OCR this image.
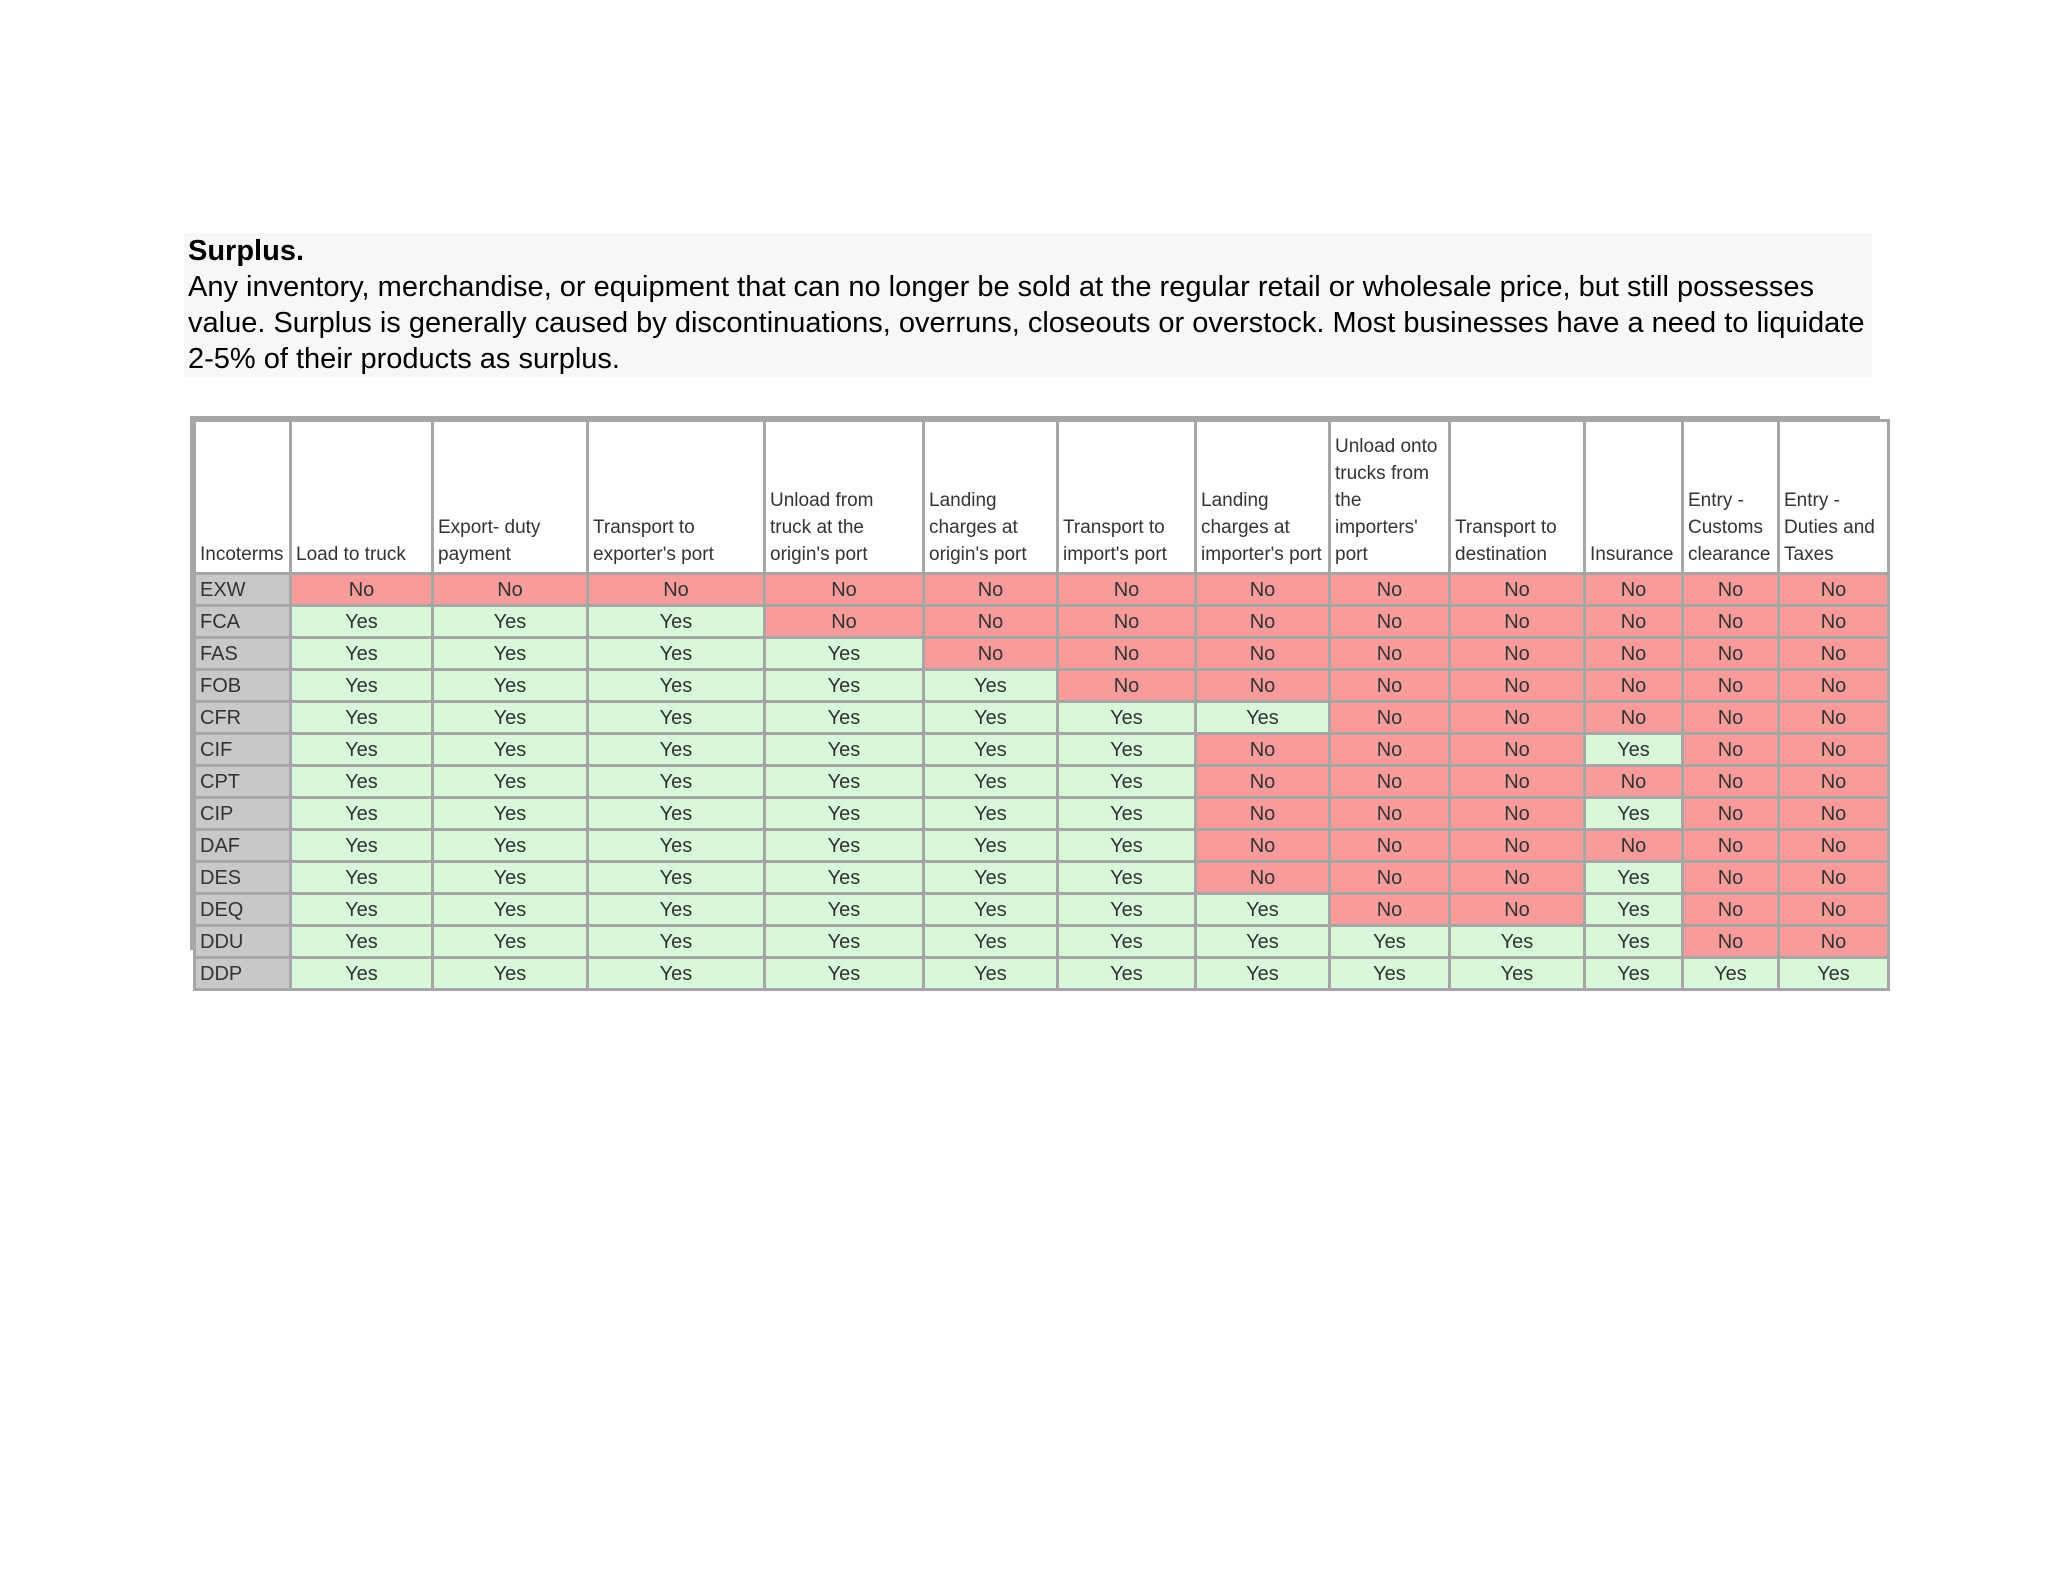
Surplus.

Any inventory, merchandise, or equipment that can no longer be sold at the regular retail or wholesale price, but still possesses value. Surplus is generally caused by discontinuations, overruns, closeouts or overstock. Most businesses have a need to liquidate 2-5% of their products as surplus.

Incoterms	Load to truck	Export- duty payment	Transport to exporter's port	Unload from truck at the origin's port	Landing charges at origin's port	Transport to import's port	Landing charges at importer's port	Unload onto trucks from the importers' port	Transport to destination	Insurance	Entry - Customs clearance	Entry - Duties and Taxes
EXW	No	No	No	No	No	No	No	No	No	No	No	No
FCA	Yes	Yes	Yes	No	No	No	No	No	No	No	No	No
FAS	Yes	Yes	Yes	Yes	No	No	No	No	No	No	No	No
FOB	Yes	Yes	Yes	Yes	Yes	No	No	No	No	No	No	No
CFR	Yes	Yes	Yes	Yes	Yes	Yes	Yes	No	No	No	No	No
CIF	Yes	Yes	Yes	Yes	Yes	Yes	No	No	No	Yes	No	No
CPT	Yes	Yes	Yes	Yes	Yes	Yes	No	No	No	No	No	No
CIP	Yes	Yes	Yes	Yes	Yes	Yes	No	No	No	Yes	No	No
DAF	Yes	Yes	Yes	Yes	Yes	Yes	No	No	No	No	No	No
DES	Yes	Yes	Yes	Yes	Yes	Yes	No	No	No	Yes	No	No
DEQ	Yes	Yes	Yes	Yes	Yes	Yes	Yes	No	No	Yes	No	No
DDU	Yes	Yes	Yes	Yes	Yes	Yes	Yes	Yes	Yes	Yes	No	No
DDP	Yes	Yes	Yes	Yes	Yes	Yes	Yes	Yes	Yes	Yes	Yes	Yes
